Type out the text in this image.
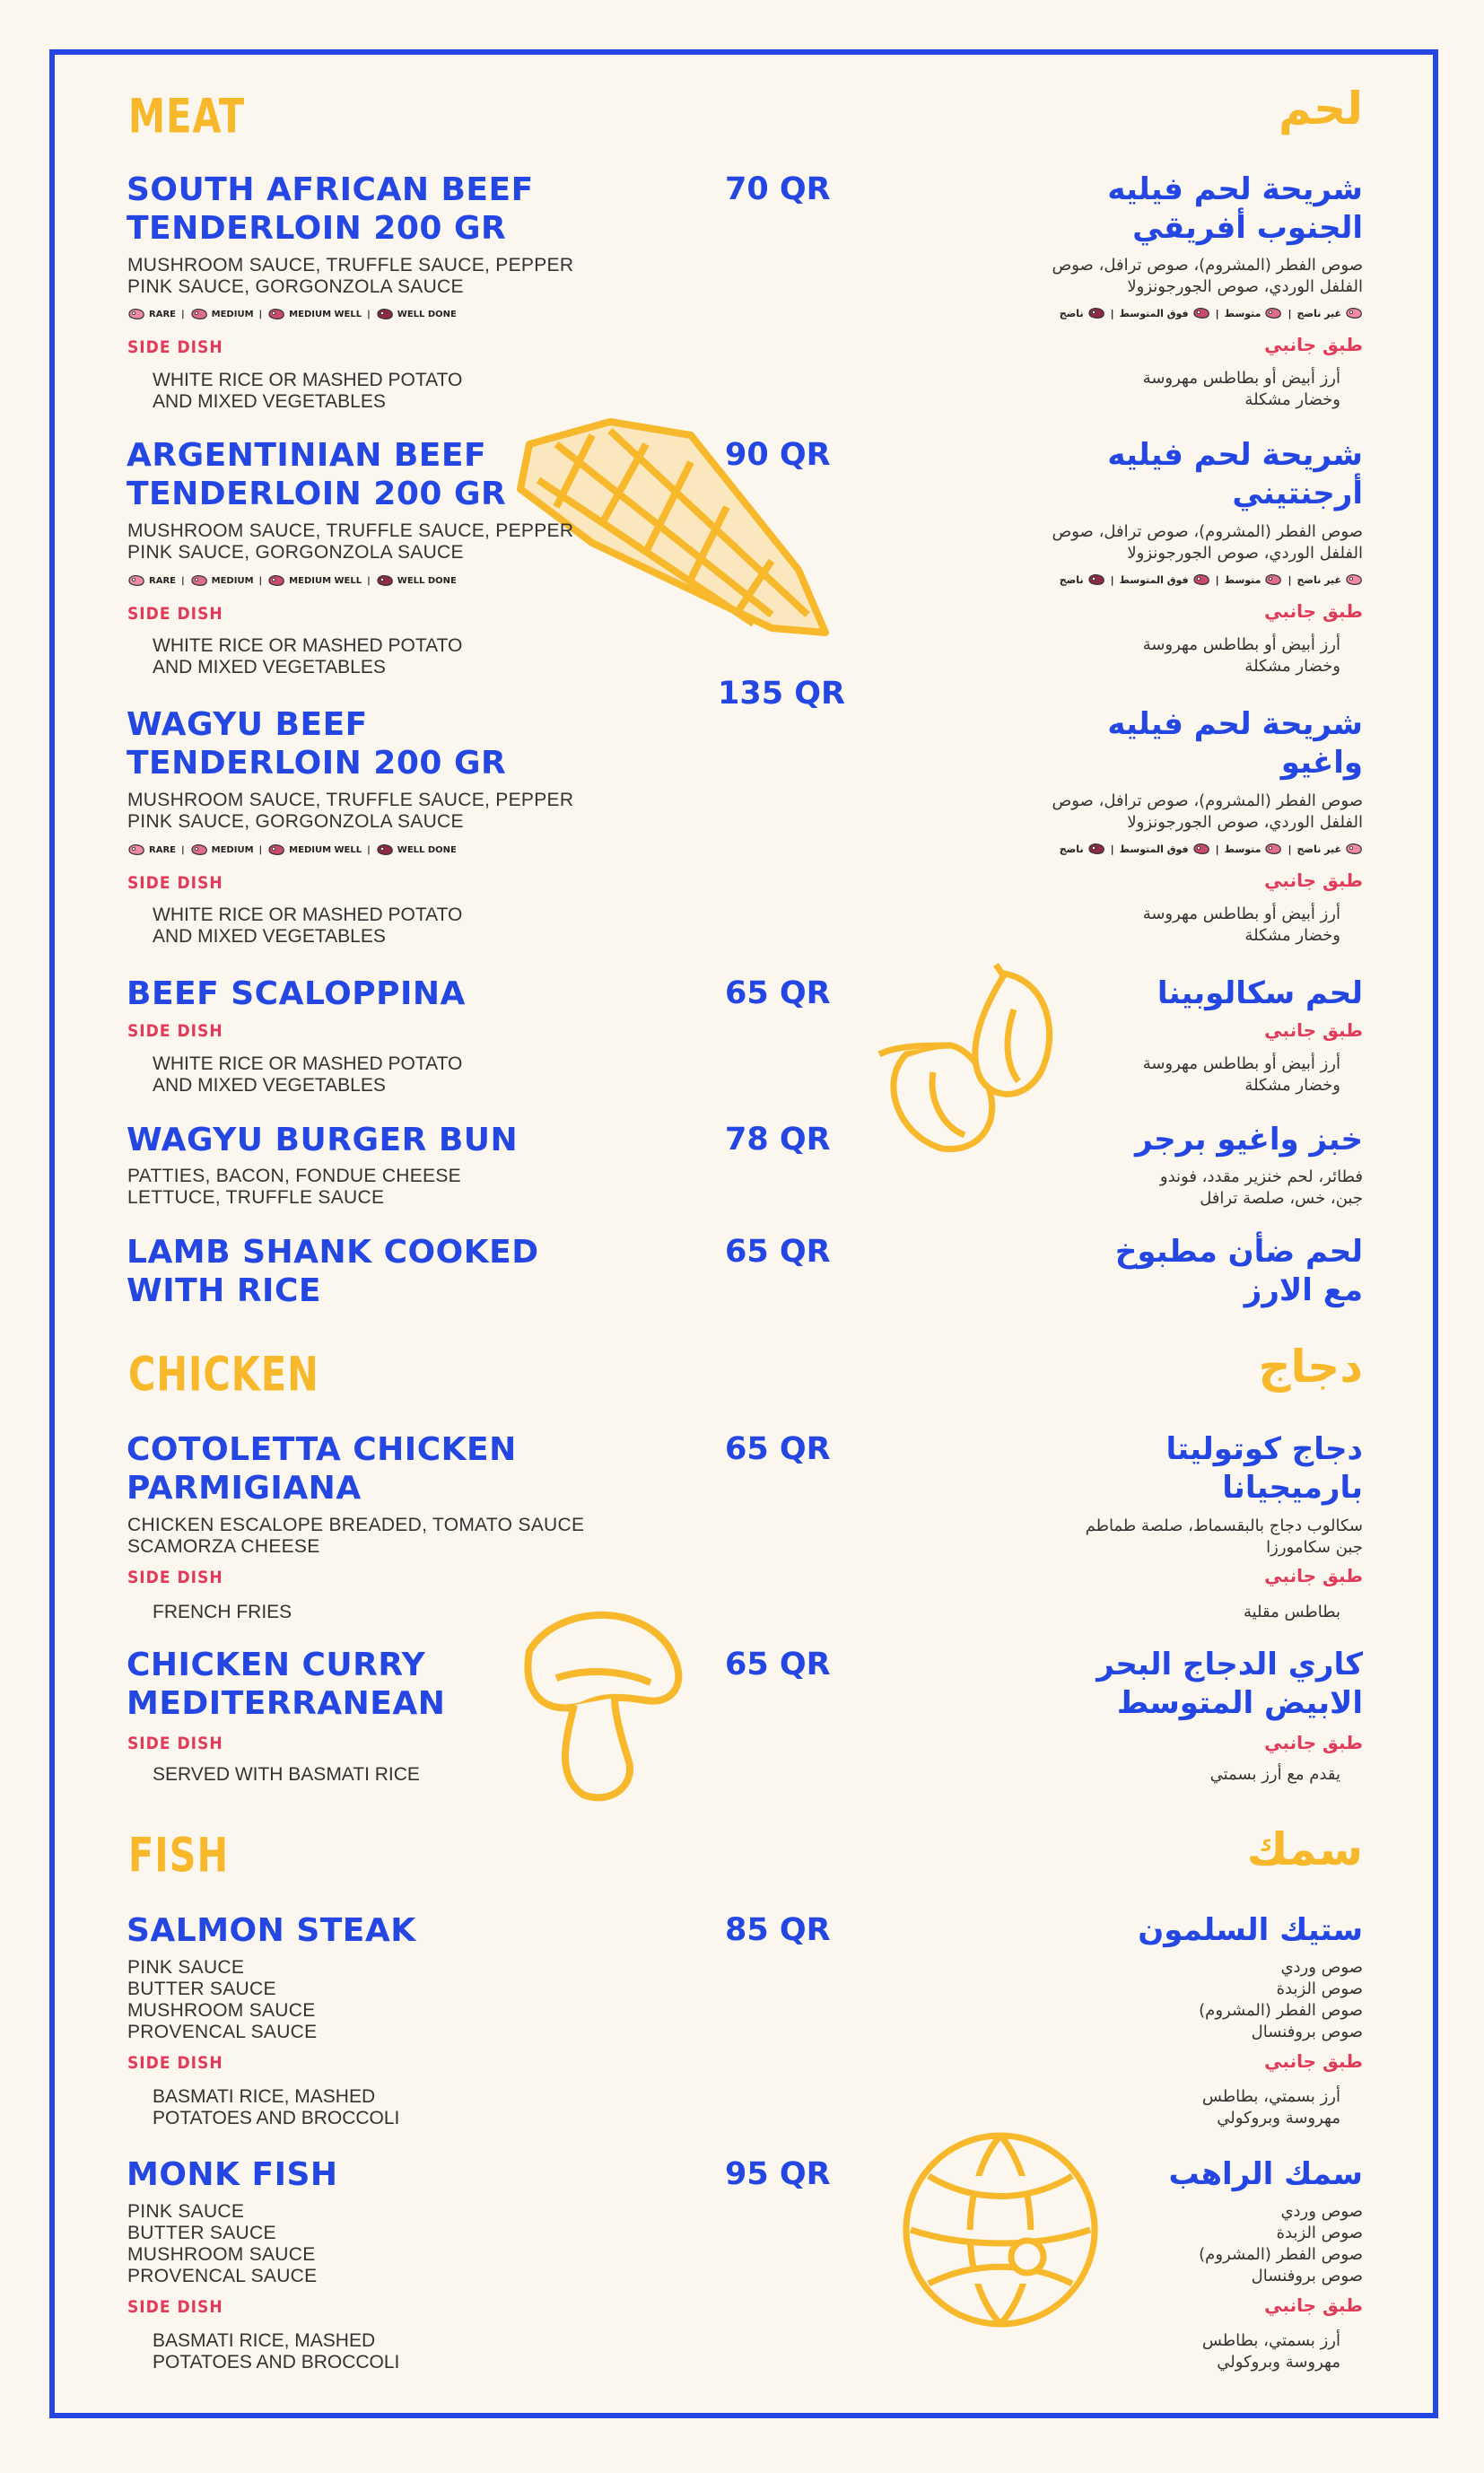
MEAT	لحم
SOUTH AFRICAN BEEF
TENDERLOIN 200 GR
70 QR
MUSHROOM SAUCE, TRUFFLE SAUCE, PEPPER
PINK SAUCE, GORGONZOLA SAUCE
RARE |	MEDIUM |	MEDIUM WELL |	WELL DONE
SIDE DISH
WHITE RICE OR MASHED POTATO
AND MIXED VEGETABLES
شريحة لحم فيليه
الجنوب أفريقي
صوص الفطر (المشروم)، صوص ترافل، صوص
الفلفل الوردي، صوص الجورجونزولا
غير ناضج
|
متوسط
|
فوق المتوسط
|
ناضج
طبق جانبي
أرز أبيض أو بطاطس مهروسة
وخضار مشكلة
ARGENTINIAN BEEF
TENDERLOIN 200 GR
90 QR
MUSHROOM SAUCE, TRUFFLE SAUCE, PEPPER
PINK SAUCE, GORGONZOLA SAUCE
RARE |	MEDIUM |	MEDIUM WELL |	WELL DONE
SIDE DISH
WHITE RICE OR MASHED POTATO
AND MIXED VEGETABLES
شريحة لحم فيليه
أرجنتيني
صوص الفطر (المشروم)، صوص ترافل، صوص
الفلفل الوردي، صوص الجورجونزولا
غير ناضج
|
متوسط
|
فوق المتوسط
|
ناضج
طبق جانبي
أرز أبيض أو بطاطس مهروسة
وخضار مشكلة
135 QR
WAGYU BEEF
TENDERLOIN 200 GR
MUSHROOM SAUCE, TRUFFLE SAUCE, PEPPER
PINK SAUCE, GORGONZOLA SAUCE
RARE |	MEDIUM |	MEDIUM WELL |	WELL DONE
SIDE DISH
WHITE RICE OR MASHED POTATO
AND MIXED VEGETABLES
شريحة لحم فيليه
واغيو
صوص الفطر (المشروم)، صوص ترافل، صوص
الفلفل الوردي، صوص الجورجونزولا
غير ناضج
|
متوسط
|
فوق المتوسط
|
ناضج
طبق جانبي
أرز أبيض أو بطاطس مهروسة
وخضار مشكلة
BEEF SCALOPPINA	65 QR
SIDE DISH
WHITE RICE OR MASHED POTATO
AND MIXED VEGETABLES
لحم سكالوبينا
طبق جانبي
أرز أبيض أو بطاطس مهروسة
وخضار مشكلة
WAGYU BURGER BUN	78 QR
PATTIES, BACON, FONDUE CHEESE
LETTUCE, TRUFFLE SAUCE
خبز واغيو برجر
فطائر، لحم خنزير مقدد، فوندو
جبن، خس، صلصة ترافل
LAMB SHANK COOKED
WITH RICE
65 QR	لحم ضأن مطبوخ
مع الارز
CHICKEN	دجاج
COTOLETTA CHICKEN
PARMIGIANA
65 QR
CHICKEN ESCALOPE BREADED, TOMATO SAUCE
SCAMORZA CHEESE
SIDE DISH
FRENCH FRIES
دجاج كوتوليتا
بارميجيانا
سكالوب دجاج بالبقسماط، صلصة طماطم
جبن سكامورزا
طبق جانبي
بطاطس مقلية
CHICKEN CURRY
MEDITERRANEAN
65 QR
SIDE DISH
SERVED WITH BASMATI RICE
كاري الدجاج البحر
الابيض المتوسط
طبق جانبي
يقدم مع أرز بسمتي
FISH	سمك
SALMON STEAK	85 QR
PINK SAUCE
BUTTER SAUCE
MUSHROOM SAUCE
PROVENCAL SAUCE
SIDE DISH
BASMATI RICE, MASHED
POTATOES AND BROCCOLI
ستيك السلمون
صوص وردي
صوص الزبدة
صوص الفطر (المشروم)
صوص بروفنسال
طبق جانبي
أرز بسمتي، بطاطس
مهروسة وبروكولي
MONK FISH	95 QR
PINK SAUCE
BUTTER SAUCE
MUSHROOM SAUCE
PROVENCAL SAUCE
SIDE DISH
BASMATI RICE, MASHED
POTATOES AND BROCCOLI
سمك الراهب
صوص وردي
صوص الزبدة
صوص الفطر (المشروم)
صوص بروفنسال
طبق جانبي
أرز بسمتي، بطاطس
مهروسة وبروكولي
